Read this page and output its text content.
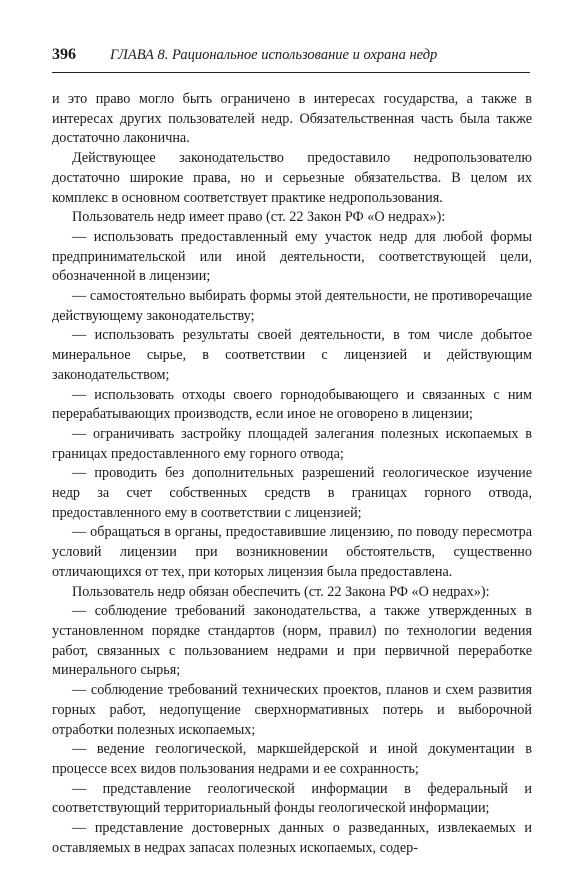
396 ГЛАВА 8. Рациональное использование и охрана недр

и это право могло быть ограничено в интересах государства, а также в интересах других пользователей недр. Обязательственная часть была также достаточно лаконична.

Действующее законодательство предоставило недропользователю достаточно широкие права, но и серьезные обязательства. В целом их комплекс в основном соответствует практике недропользования.

Пользователь недр имеет право (ст. 22 Закон РФ «О недрах»):

— использовать предоставленный ему участок недр для любой формы предпринимательской или иной деятельности, соответствующей цели, обозначенной в лицензии;

— самостоятельно выбирать формы этой деятельности, не противоречащие действующему законодательству;

— использовать результаты своей деятельности, в том числе добытое минеральное сырье, в соответствии с лицензией и действующим законодательством;

— использовать отходы своего горнодобывающего и связанных с ним перерабатывающих производств, если иное не оговорено в лицензии;

— ограничивать застройку площадей залегания полезных ископаемых в границах предоставленного ему горного отвода;

— проводить без дополнительных разрешений геологическое изучение недр за счет собственных средств в границах горного отвода, предоставленного ему в соответствии с лицензией;

— обращаться в органы, предоставившие лицензию, по поводу пересмотра условий лицензии при возникновении обстоятельств, существенно отличающихся от тех, при которых лицензия была предоставлена.

Пользователь недр обязан обеспечить (ст. 22 Закона РФ «О недрах»):

— соблюдение требований законодательства, а также утвержденных в установленном порядке стандартов (норм, правил) по технологии ведения работ, связанных с пользованием недрами и при первичной переработке минерального сырья;

— соблюдение требований технических проектов, планов и схем развития горных работ, недопущение сверхнормативных потерь и выборочной отработки полезных ископаемых;

— ведение геологической, маркшейдерской и иной документации в процессе всех видов пользования недрами и ее сохранность;

— представление геологической информации в федеральный и соответствующий территориальный фонды геологической информации;

— представление достоверных данных о разведанных, извлекаемых и оставляемых в недрах запасах полезных ископаемых, содер-
